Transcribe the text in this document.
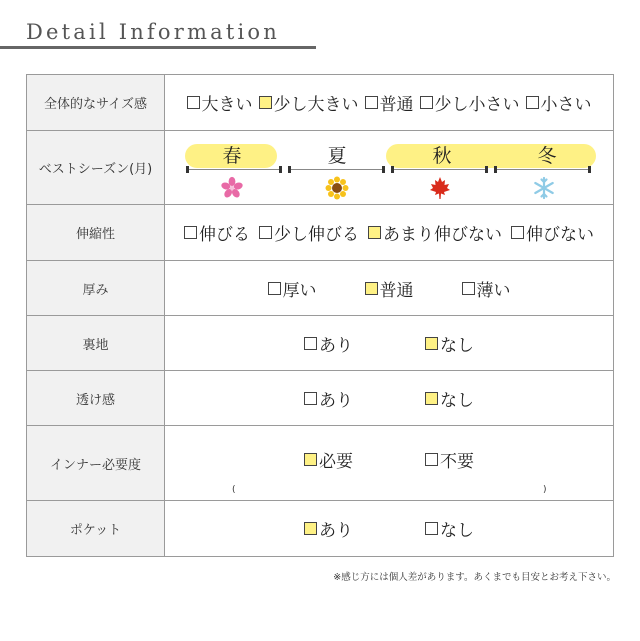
Detail Information
全体的なサイズ感	大きい 少し大きい 普通 少し小さい 小さい

ベストシーズン(月)	春 夏 秋 冬

伸縮性	伸びる 少し伸びる あまり伸びない 伸びない

厚み	厚い 普通 薄い

裏地	あり なし

透け感	あり なし

インナー必要度	必要 不要
( )

ポケット	あり なし
※感じ方には個人差があります。あくまでも目安とお考え下さい。
